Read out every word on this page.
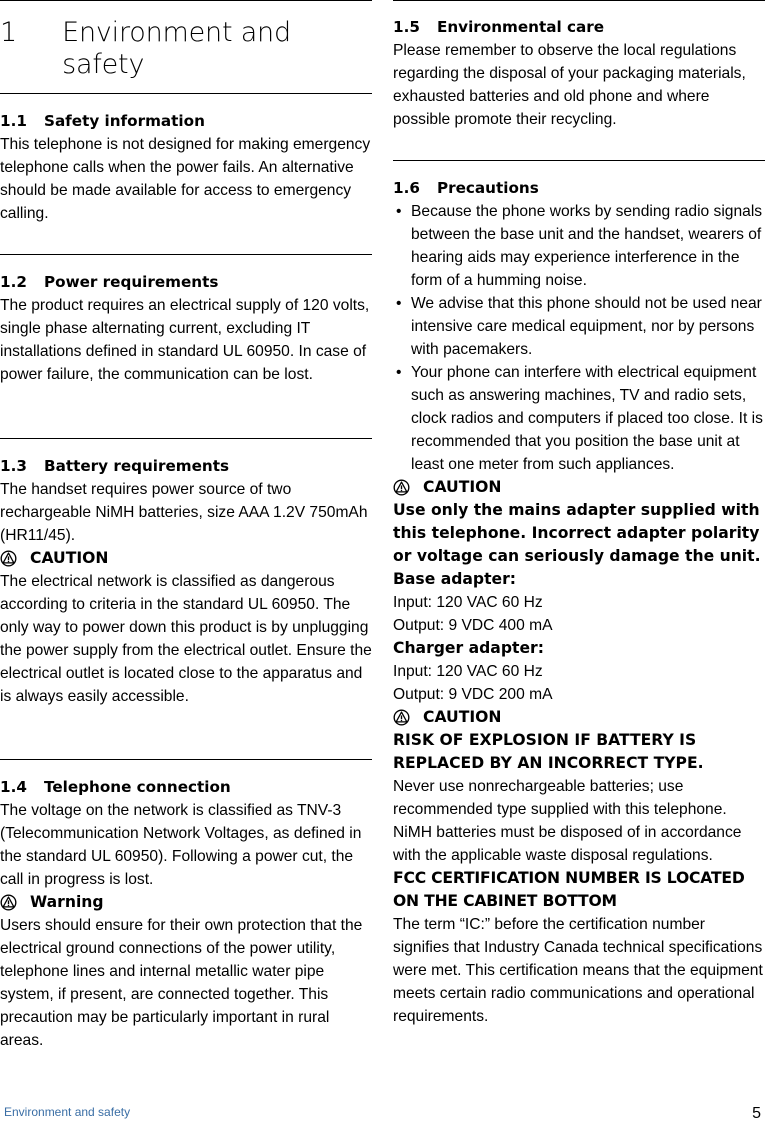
1	Environment and safety
1.1	Safety information

This telephone is not designed for making emergency telephone calls when the power fails. An alternative should be made available for access to emergency calling.

1.2	Power requirements

The product requires an electrical supply of 120 volts, single phase alternating current, excluding IT installations defined in standard UL 60950. In case of power failure, the communication can be lost.

1.3	Battery requirements

The handset requires power source of two rechargeable NiMH batteries, size AAA 1.2V 750mAh (HR11/45).

CAUTION

The electrical network is classified as dangerous according to criteria in the standard UL 60950. The only way to power down this product is by unplugging the power supply from the electrical outlet. Ensure the electrical outlet is located close to the apparatus and is always easily accessible.

1.4	Telephone connection

The voltage on the network is classified as TNV-3 (Telecommunication Network Voltages, as defined in the standard UL 60950). Following a power cut, the call in progress is lost.

Warning

Users should ensure for their own protection that the electrical ground connections of the power utility, telephone lines and internal metallic water pipe system, if present, are connected together. This precaution may be particularly important in rural areas.

1.5	Environmental care

Please remember to observe the local regulations regarding the disposal of your packaging materials, exhausted batteries and old phone and where possible promote their recycling.

1.6	Precautions
• Because the phone works by sending radio signals between the base unit and the handset, wearers of hearing aids may experience interference in the form of a humming noise.
• We advise that this phone should not be used near intensive care medical equipment, nor by persons with pacemakers.
• Your phone can interfere with electrical equipment such as answering machines, TV and radio sets, clock radios and computers if placed too close. It is recommended that you position the base unit at least one meter from such appliances.
CAUTION

Use only the mains adapter supplied with this telephone. Incorrect adapter polarity or voltage can seriously damage the unit.

Base adapter:

Input: 120 VAC 60 Hz

Output: 9 VDC 400 mA

Charger adapter:

Input: 120 VAC 60 Hz

Output: 9 VDC 200 mA

CAUTION

RISK OF EXPLOSION IF BATTERY IS REPLACED BY AN INCORRECT TYPE.

Never use nonrechargeable batteries; use recommended type supplied with this telephone. NiMH batteries must be disposed of in accordance with the applicable waste disposal regulations.

FCC CERTIFICATION NUMBER IS LOCATED ON THE CABINET BOTTOM

The term “IC:” before the certification number signifies that Industry Canada technical specifications were met. This certification means that the equipment meets certain radio communications and operational requirements.

Environment and safety	5
